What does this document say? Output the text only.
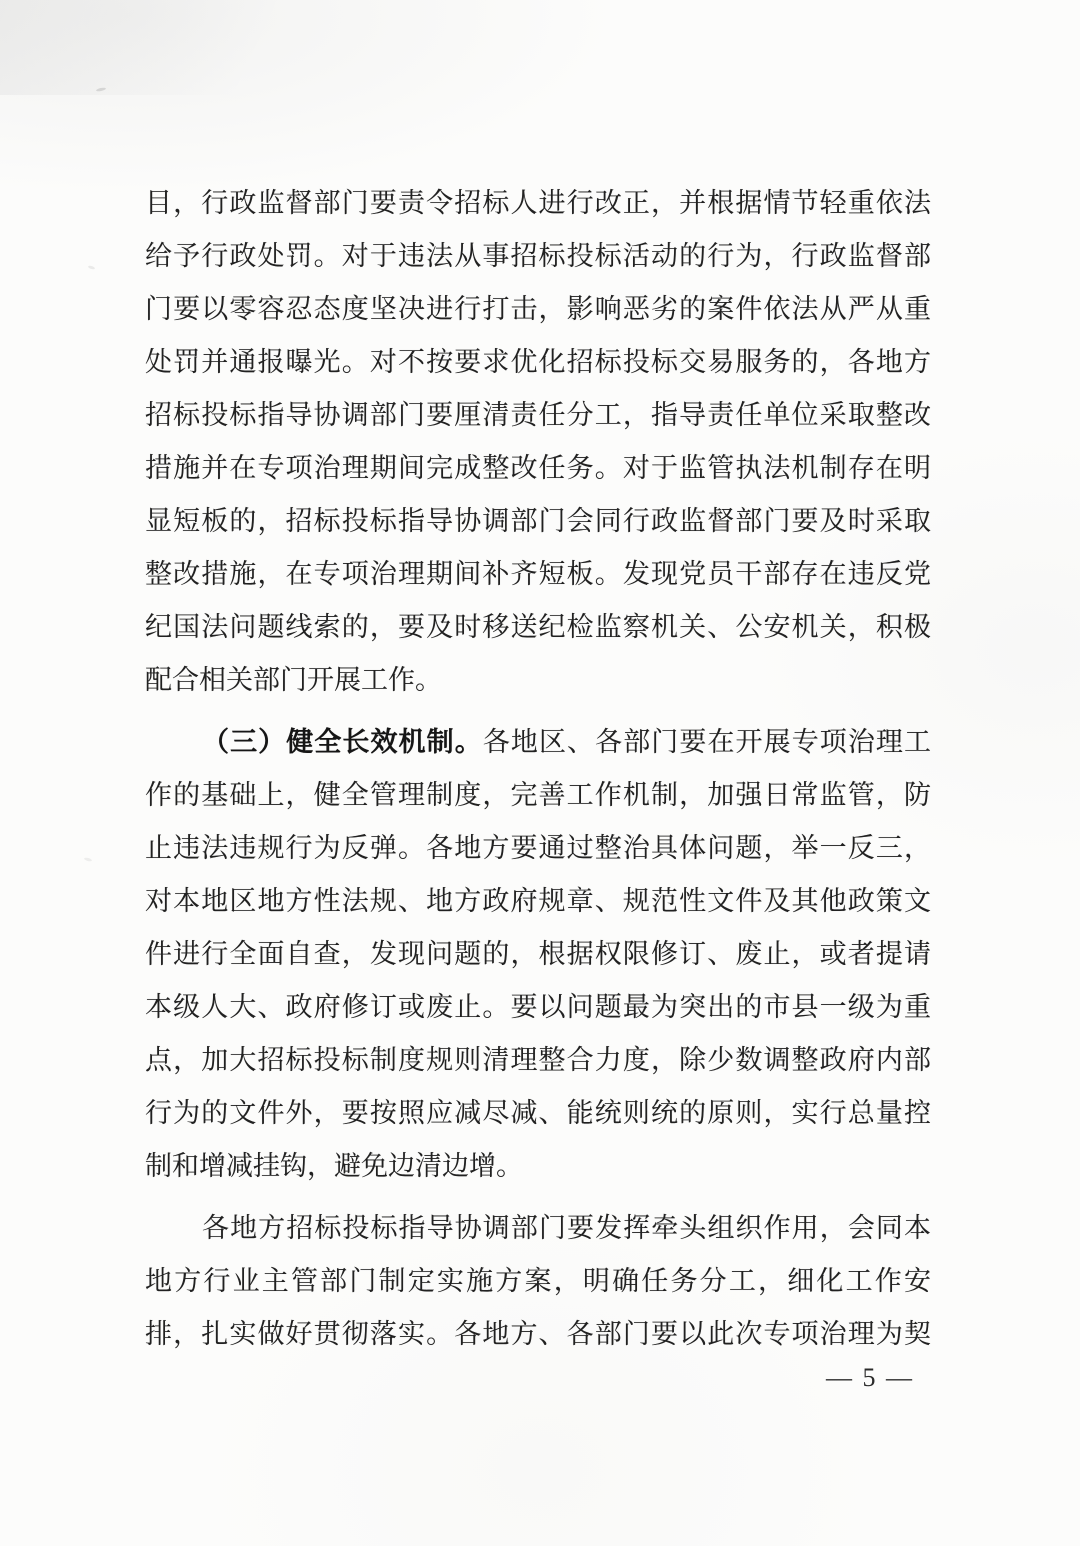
目，行政监督部门要责令招标人进行改正，并根据情节轻重依法
给予行政处罚。对于违法从事招标投标活动的行为，行政监督部
门要以零容忍态度坚决进行打击，影响恶劣的案件依法从严从重
处罚并通报曝光。对不按要求优化招标投标交易服务的，各地方
招标投标指导协调部门要厘清责任分工，指导责任单位采取整改
措施并在专项治理期间完成整改任务。对于监管执法机制存在明
显短板的，招标投标指导协调部门会同行政监督部门要及时采取
整改措施，在专项治理期间补齐短板。发现党员干部存在违反党
纪国法问题线索的，要及时移送纪检监察机关、公安机关，积极
配合相关部门开展工作。
（三）健全长效机制。各地区、各部门要在开展专项治理工
作的基础上，健全管理制度，完善工作机制，加强日常监管，防
止违法违规行为反弹。各地方要通过整治具体问题，举一反三，
对本地区地方性法规、地方政府规章、规范性文件及其他政策文
件进行全面自查，发现问题的，根据权限修订、废止，或者提请
本级人大、政府修订或废止。要以问题最为突出的市县一级为重
点，加大招标投标制度规则清理整合力度，除少数调整政府内部
行为的文件外，要按照应减尽减、能统则统的原则，实行总量控
制和增减挂钩，避免边清边增。
各地方招标投标指导协调部门要发挥牵头组织作用，会同本
地方行业主管部门制定实施方案，明确任务分工，细化工作安
排，扎实做好贯彻落实。各地方、各部门要以此次专项治理为契
— 5 —
